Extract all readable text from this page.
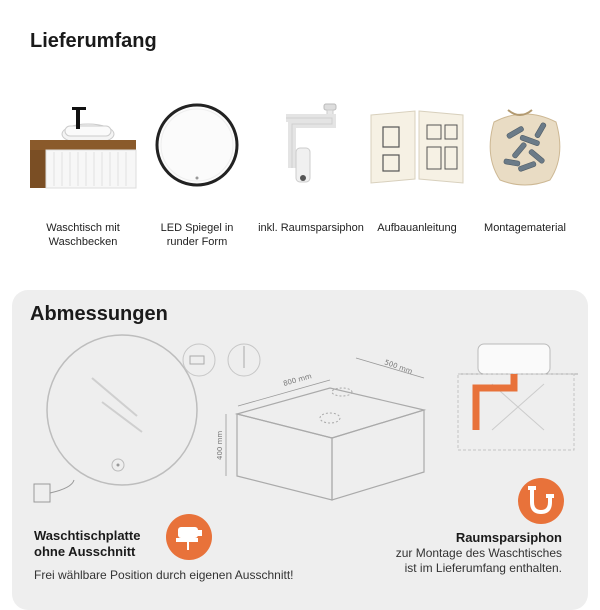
Lieferumfang
Waschtisch mit
Waschbecken
LED Spiegel in
runder Form
inkl. Raumsparsiphon	Aufbauanleitung	Montagematerial
Abmessungen
800 mm
500 mm
400 mm
Waschtischplatte
ohne Ausschnitt
Frei wählbare Position durch eigenen Ausschnitt!
Raumsparsiphon
zur Montage des Waschtisches
ist im Lieferumfang enthalten.
